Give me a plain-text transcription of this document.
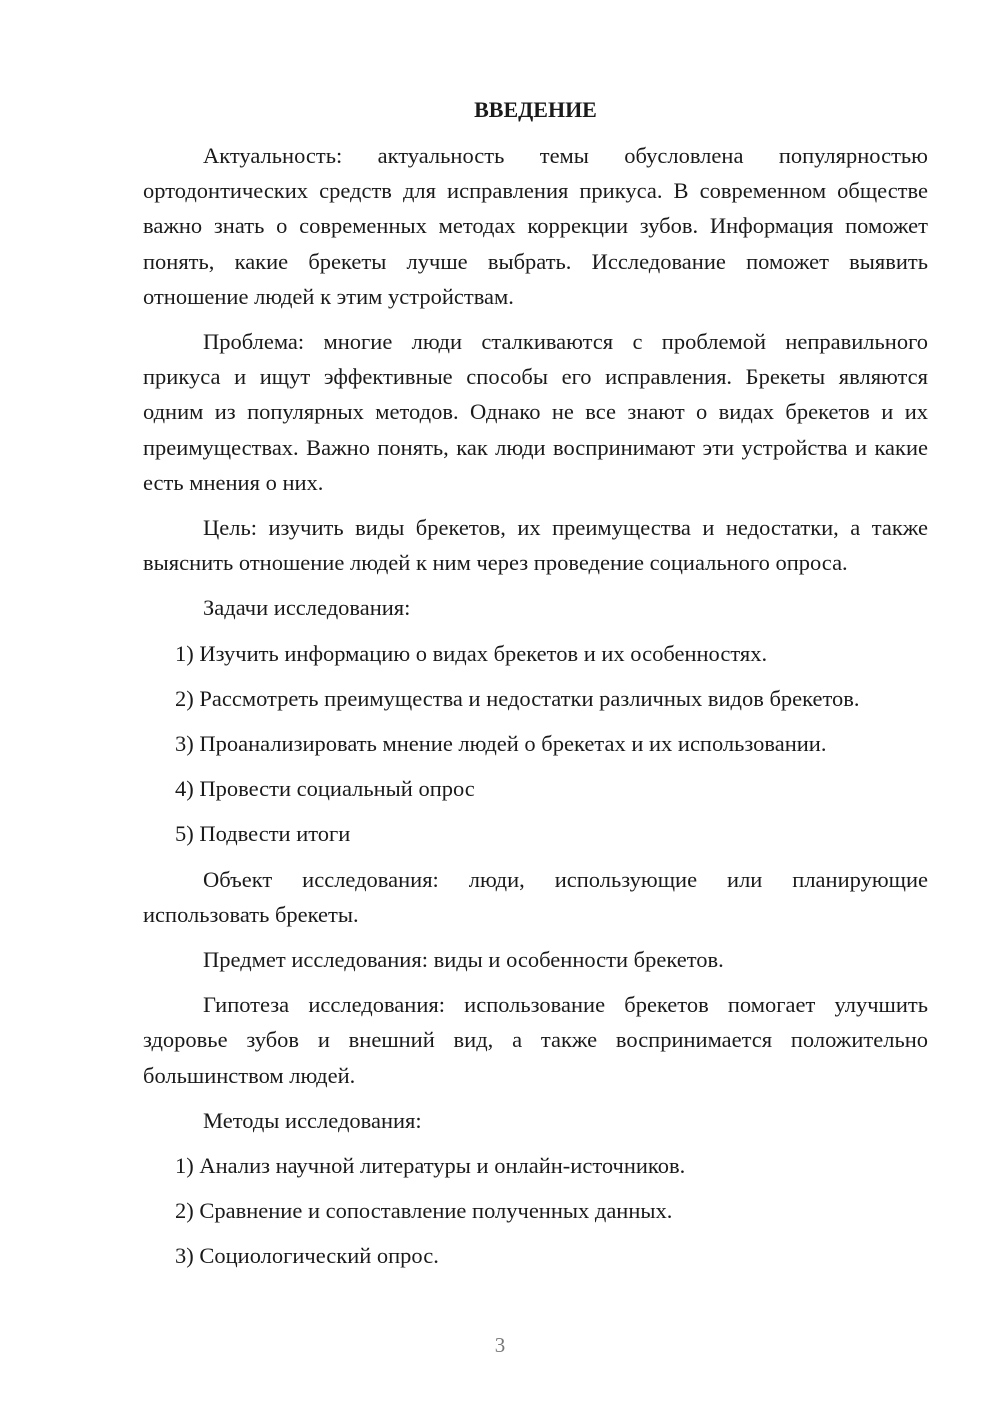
ВВЕДЕНИЕ

Актуальность: актуальность темы обусловлена популярностью ортодонтических средств для исправления прикуса. В современном обществе важно знать о современных методах коррекции зубов. Информация поможет понять, какие брекеты лучше выбрать. Исследование поможет выявить отношение людей к этим устройствам.

Проблема: многие люди сталкиваются с проблемой неправильного прикуса и ищут эффективные способы его исправления. Брекеты являются одним из популярных методов. Однако не все знают о видах брекетов и их преимуществах. Важно понять, как люди воспринимают эти устройства и какие есть мнения о них.

Цель: изучить виды брекетов, их преимущества и недостатки, а также выяснить отношение людей к ним через проведение социального опроса.

Задачи исследования:

1) Изучить информацию о видах брекетов и их особенностях.

2) Рассмотреть преимущества и недостатки различных видов брекетов.

3) Проанализировать мнение людей о брекетах и их использовании.

4) Провести социальный опрос

5) Подвести итоги

Объект исследования: люди, использующие или планирующие использовать брекеты.

Предмет исследования: виды и особенности брекетов.

Гипотеза исследования: использование брекетов помогает улучшить здоровье зубов и внешний вид, а также воспринимается положительно большинством людей.

Методы исследования:

1) Анализ научной литературы и онлайн-источников.

2) Сравнение и сопоставление полученных данных.

3) Социологический опрос.

3
